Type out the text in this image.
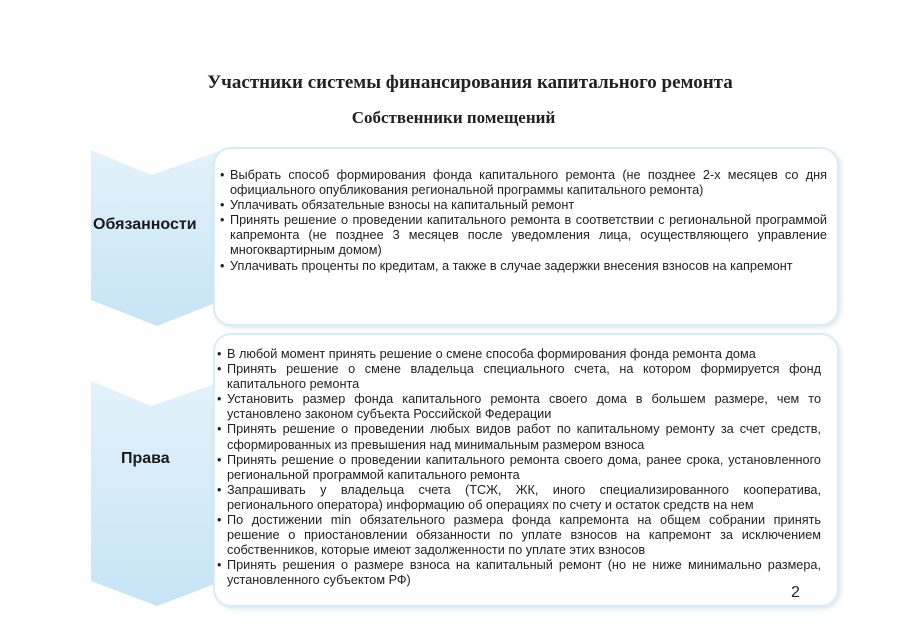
Участники системы финансирования капитального ремонта
Собственники помещений
Обязанности
• Выбрать способ формирования фонда капитального ремонта (не позднее 2-х месяцев со дня официального опубликования региональной программы капитального ремонта)
• Уплачивать обязательные взносы на капитальный ремонт
• Принять решение о проведении капитального ремонта в соответствии с региональной программой капремонта (не позднее 3 месяцев после уведомления лица, осуществляющего управление многоквартирным домом)
• Уплачивать проценты по кредитам, а также в случае задержки внесения взносов на капремонт
Права
• В любой момент принять решение о смене способа формирования фонда ремонта дома
• Принять решение о смене владельца специального счета, на котором формируется фонд капитального ремонта
• Установить размер фонда капитального ремонта своего дома в большем размере, чем то установлено законом субъекта Российской Федерации
• Принять решение о проведении любых видов работ по капитальному ремонту за счет средств, сформированных из превышения над минимальным размером взноса
• Принять решение о проведении капитального ремонта своего дома, ранее срока, установленного региональной программой капитального ремонта
• Запрашивать у владельца счета (ТСЖ, ЖК, иного специализированного кооператива, регионального оператора) информацию об операциях по счету и остаток средств на нем
• По достижении min обязательного размера фонда капремонта на общем собрании принять решение о приостановлении обязанности по уплате взносов на капремонт за исключением собственников, которые имеют задолженности по уплате этих взносов
• Принять решения о размере взноса на капитальный ремонт (но не ниже минимально размера, установленного субъектом РФ)
2
